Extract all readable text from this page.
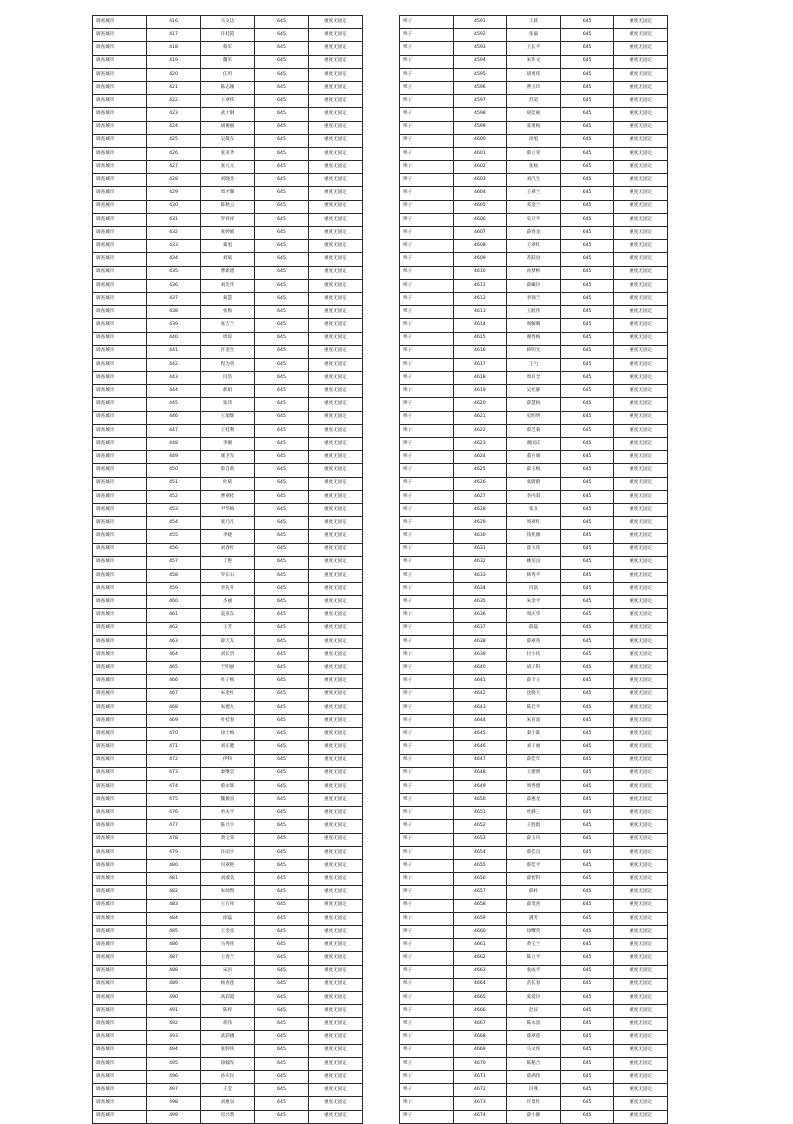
调查城市	416	马文达	645	重度无固定
调查城市	417	许桂霞	645	重度无固定
调查城市	418	蔡军	645	重度无固定
调查城市	419	魏军	645	重度无固定
调查城市	420	任玥	645	重度无固定
调查城市	421	陈志刚	645	重度无固定
调查城市	422	王翠侠	645	重度无固定
调查城市	423	武士钢	645	重度无固定
调查城市	424	胡俊丽	645	重度无固定
调查城市	425	吴敬东	645	重度无固定
调查城市	426	张亚齐	645	重度无固定
调查城市	427	张元元	645	重度无固定
调查城市	428	刘晓杰	645	重度无固定
调查城市	429	周才顺	645	重度无固定
调查城市	430	陈秋云	645	重度无固定
调查城市	431	罗祥祥	645	重度无固定
调查城市	432	张婷娟	645	重度无固定
调查城市	433	葛旭	645	重度无固定
调查城市	434	刘斌	645	重度无固定
调查城市	435	曹新德	645	重度无固定
调查城市	436	刘先华	645	重度无固定
调查城市	437	葛慧	645	重度无固定
调查城市	438	张梅	645	重度无固定
调查城市	439	张吉兰	645	重度无固定
调查城市	440	周琼	645	重度无固定
调查城市	441	许金生	645	重度无固定
调查城市	442	程为英	645	重度无固定
调查城市	443	闫浩	645	重度无固定
调查城市	444	郝娟	645	重度无固定
调查城市	445	张玮	645	重度无固定
调查城市	446	王瑞辉	645	重度无固定
调查城市	447	王桂利	645	重度无固定
调查城市	448	李刚	645	重度无固定
调查城市	449	颜卫军	645	重度无固定
调查城市	450	蔡自新	645	重度无固定
调查城市	451	杜斌	645	重度无固定
调查城市	452	曹翠桂	645	重度无固定
调查城市	453	尹华梅	645	重度无固定
调查城市	454	张乃凡	645	重度无固定
调查城市	455	李婕	645	重度无固定
调查城市	456	刘春红	645	重度无固定
调查城市	457	丁艳	645	重度无固定
调查城市	458	罗东石	645	重度无固定
调查城市	459	李先升	645	重度无固定
调查城市	460	杰丽	645	重度无固定
调查城市	461	袁亚东	645	重度无固定
调查城市	462	王芳	645	重度无固定
调查城市	463	薛天友	645	重度无固定
调查城市	464	刘长贵	645	重度无固定
调查城市	465	于明丽	645	重度无固定
调查城市	466	叶子梅	645	重度无固定
调查城市	467	朱金红	645	重度无固定
调查城市	468	朱德九	645	重度无固定
调查城市	469	叶桂春	645	重度无固定
调查城市	470	徐士梅	645	重度无固定
调查城市	471	刘正健	645	重度无固定
调查城市	472	伊科	645	重度无固定
调查城市	473	秦继忠	645	重度无固定
调查城市	474	蔡永辉	645	重度无固定
调查城市	475	魏俊真	645	重度无固定
调查城市	476	单夫平	645	重度无固定
调查城市	477	陈兴宇	645	重度无固定
调查城市	478	黄宝荣	645	重度无固定
调查城市	479	许雨宇	645	重度无固定
调查城市	480	闫翠艳	645	重度无固定
调查城市	481	刘淑美	645	重度无固定
调查城市	482	朱帅凯	645	重度无固定
调查城市	483	王万祥	645	重度无固定
调查城市	484	徐磊	645	重度无固定
调查城市	485	王金彦	645	重度无固定
调查城市	486	马秀侠	645	重度无固定
调查城市	487	王春兰	645	重度无固定
调查城市	488	宋岩	645	重度无固定
调查城市	489	杨春莲	645	重度无固定
调查城市	490	高彩霞	645	重度无固定
调查城市	491	陈梓	645	重度无固定
调查城市	492	蒋伟	645	重度无固定
调查城市	493	武彩娥	645	重度无固定
调查城市	494	张婷侠	645	重度无固定
调查城市	495	徐翰军	645	重度无固定
调查城市	496	孙庆民	645	重度无固定
调查城市	497	王莹	645	重度无固定
调查城市	498	刘惠泉	645	重度无固定
调查城市	499	房兴然	645	重度无固定
埠子	4591	王跃	645	重度无固定
埠子	4592	张毅	645	重度无固定
埠子	4593	王长平	645	重度无固定
埠子	4594	朱作文	645	重度无固定
埠子	4595	胡勇侠	645	重度无固定
埠子	4596	曹玉玲	645	重度无固定
埠子	4597	苏道	645	重度无固定
埠子	4598	胡佳硕	645	重度无固定
埠子	4599	张勇梅	645	重度无固定
埠子	4600	徐旭	645	重度无固定
埠子	4601	蔡立荣	645	重度无固定
埠子	4602	张杨	645	重度无固定
埠子	4603	刘汽生	645	重度无固定
埠子	4604	王翠兰	645	重度无固定
埠子	4605	邓金兰	645	重度无固定
埠子	4606	史计平	645	重度无固定
埠子	4607	薛春龙	645	重度无固定
埠子	4608	王翠红	645	重度无固定
埠子	4609	苏跃县	645	重度无固定
埠子	4610	孙梦彬	645	重度无固定
埠子	4611	薛曦玲	645	重度无固定
埠子	4612	李锦兰	645	重度无固定
埠子	4613	王航侠	645	重度无固定
埠子	4614	周解晴	645	重度无固定
埠子	4615	谢秀梅	645	重度无固定
埠子	4616	韩明光	645	重度无固定
埠子	4617	王勺	645	重度无固定
埠子	4618	周有全	645	重度无固定
埠子	4619	吴允静	645	重度无固定
埠子	4620	薛慧杨	645	重度无固定
埠子	4621	史明明	645	重度无固定
埠子	4622	蔡芝菊	645	重度无固定
埠子	4623	谢国庆	645	重度无固定
埠子	4624	董方晴	645	重度无固定
埠子	4625	薛玉梅	645	重度无固定
埠子	4626	张蔚蔚	645	重度无固定
埠子	4627	李丙彩	645	重度无固定
埠子	4628	张丑	645	重度无固定
埠子	4629	周翠红	645	重度无固定
埠子	4630	钱兆刚	645	重度无固定
埠子	4631	翟玉侠	645	重度无固定
埠子	4632	姚培良	645	重度无固定
埠子	4633	韩秀平	645	重度无固定
埠子	4634	闫富	645	重度无固定
埠子	4635	朱金平	645	重度无固定
埠子	4636	周庆华	645	重度无固定
埠子	4637	薛磊	645	重度无固定
埠子	4638	薛翠英	645	重度无固定
埠子	4639	付小侠	645	重度无固定
埠子	4640	胡子科	645	重度无固定
埠子	4641	薛卡立	645	重度无固定
埠子	4642	沈晓天	645	重度无固定
埠子	4643	陈启平	645	重度无固定
埠子	4644	朱育富	645	重度无固定
埠子	4645	秦小陈	645	重度无固定
埠子	4646	刘子丽	645	重度无固定
埠子	4647	薛佳年	645	重度无固定
埠子	4648	王建明	645	重度无固定
埠子	4649	周秀德	645	重度无固定
埠子	4650	薛惠龙	645	重度无固定
埠子	4651	叶静三	645	重度无固定
埠子	4652	王胜群	645	重度无固定
埠子	4653	薛玉玲	645	重度无固定
埠子	4654	蔡佳良	645	重度无固定
埠子	4655	蔡佳平	645	重度无固定
埠子	4656	薛智科	645	重度无固定
埠子	4657	薛朴	645	重度无固定
埠子	4658	薛茂喜	645	重度无固定
埠子	4659	满芳	645	重度无固定
埠子	4660	徐曙英	645	重度无固定
埠子	4661	黄宝兰	645	重度无固定
埠子	4662	陈立平	645	重度无固定
埠子	4663	张成平	645	重度无固定
埠子	4664	苗长春	645	重度无固定
埠子	4665	张爱玲	645	重度无固定
埠子	4666	赵艮	645	重度无固定
埠子	4667	陈永富	645	重度无固定
埠子	4668	薛翠莲	645	重度无固定
埠子	4669	马文侠	645	重度无固定
埠子	4670	陈秘合	645	重度无固定
埠子	4671	薛满伟	645	重度无固定
埠子	4672	闫燕	645	重度无固定
埠子	4673	许景红	645	重度无固定
埠子	4674	薛小静	645	重度无固定
